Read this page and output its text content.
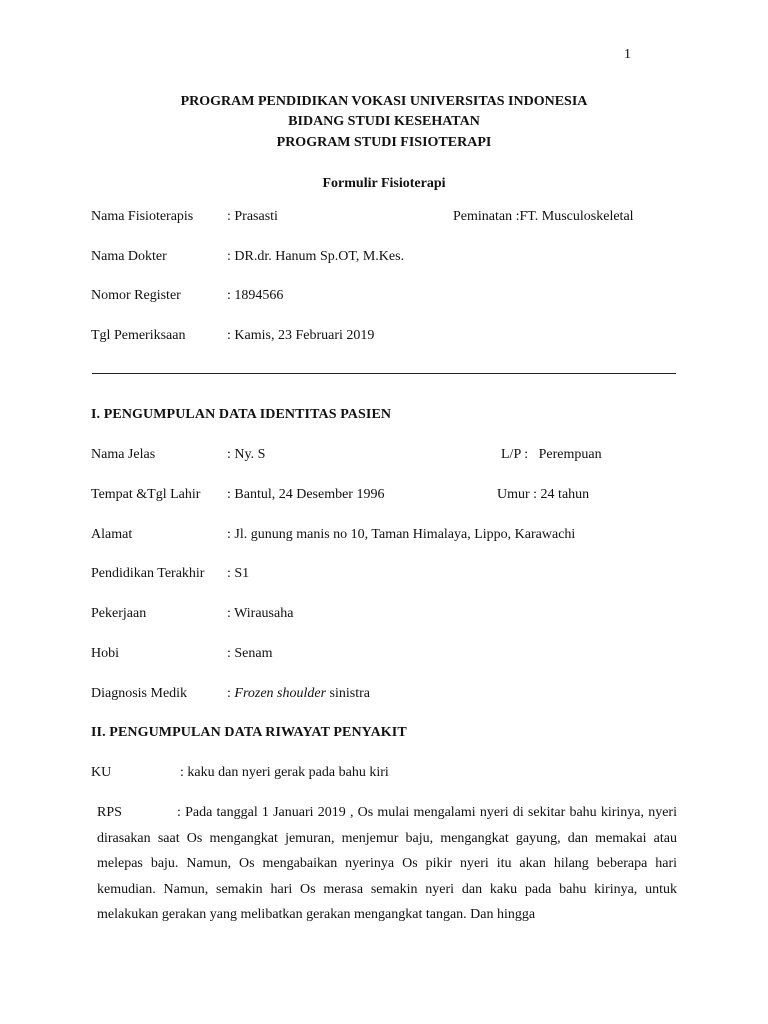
1
PROGRAM PENDIDIKAN VOKASI UNIVERSITAS INDONESIA
BIDANG STUDI KESEHATAN
PROGRAM STUDI FISIOTERAPI
Formulir Fisioterapi
Nama Fisioterapis : Prasasti	Peminatan :FT. Musculoskeletal
Nama Dokter	: DR.dr. Hanum Sp.OT, M.Kes.
Nomor Register	: 1894566
Tgl Pemeriksaan	: Kamis, 23 Februari 2019
I. PENGUMPULAN DATA IDENTITAS PASIEN
Nama Jelas	: Ny. S	L/P :   Perempuan
Tempat &Tgl Lahir : Bantul, 24 Desember 1996	Umur : 24 tahun
Alamat	: Jl. gunung manis no 10, Taman Himalaya, Lippo, Karawachi
Pendidikan Terakhir : S1
Pekerjaan	: Wirausaha
Hobi	: Senam
Diagnosis Medik	: Frozen shoulder sinistra
II. PENGUMPULAN DATA RIWAYAT PENYAKIT
KU	: kaku dan nyeri gerak pada bahu kiri
RPS	: Pada tanggal 1 Januari 2019 , Os mulai mengalami nyeri di sekitar bahu kirinya, nyeri dirasakan saat Os mengangkat jemuran, menjemur baju, mengangkat gayung, dan memakai atau melepas baju. Namun, Os mengabaikan nyerinya Os pikir nyeri itu akan hilang beberapa hari kemudian. Namun, semakin hari Os merasa semakin nyeri dan kaku pada bahu kirinya, untuk melakukan gerakan yang melibatkan gerakan mengangkat tangan. Dan hingga
